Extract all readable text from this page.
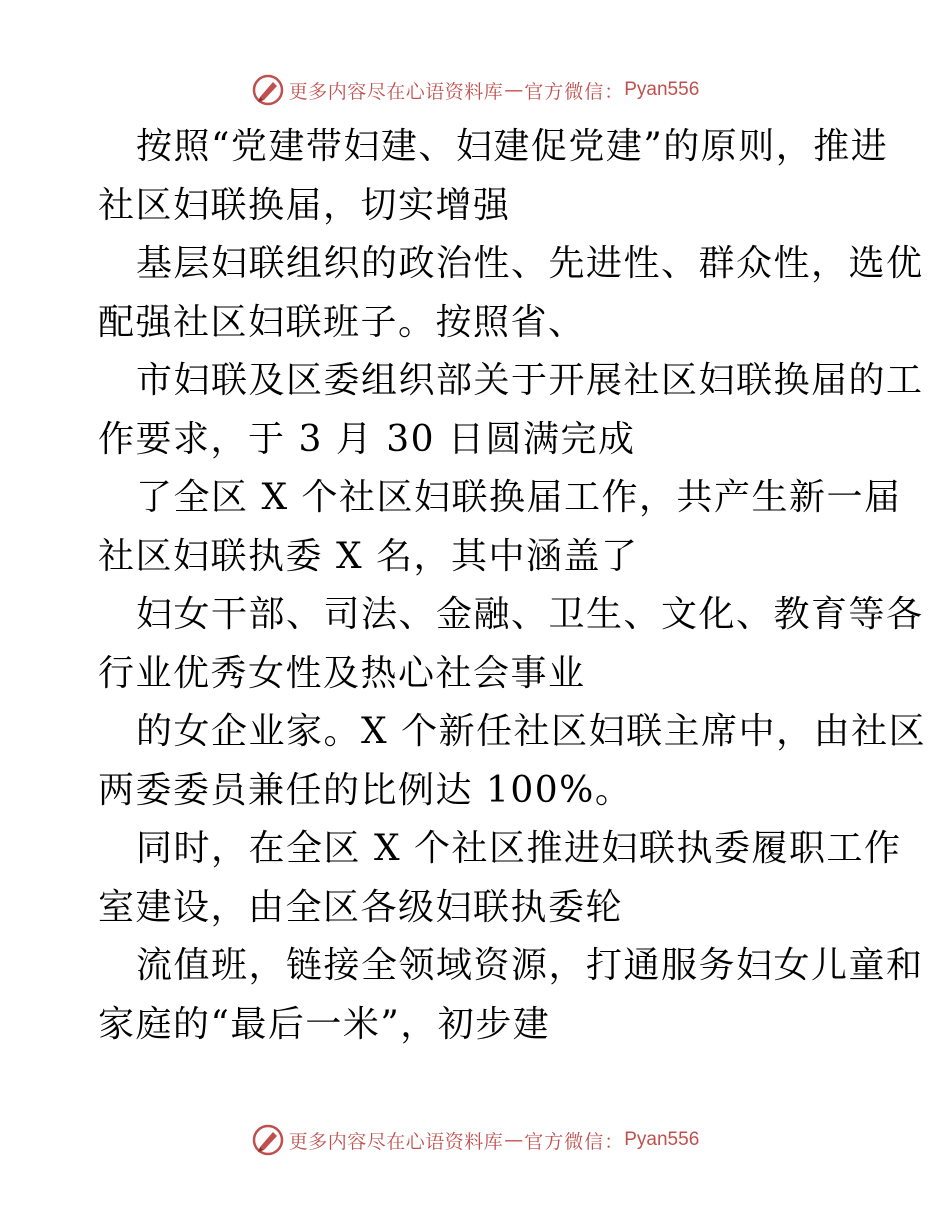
更多内容尽在心语资料库 — 官方微信： Pyan556
按照“党建带妇建、妇建促党建”的原则，推进
社区妇联换届，切实增强
基层妇联组织的政治性、先进性、群众性，选优
配强社区妇联班子。按照省、
市妇联及区委组织部关于开展社区妇联换届的工
作要求，于 3 月 30 日圆满完成
了全区 X 个社区妇联换届工作，共产生新一届
社区妇联执委 X 名，其中涵盖了
妇女干部、司法、金融、卫生、文化、教育等各
行业优秀女性及热心社会事业
的女企业家。X 个新任社区妇联主席中，由社区
两委委员兼任的比例达 100%。
同时，在全区 X 个社区推进妇联执委履职工作
室建设，由全区各级妇联执委轮
流值班，链接全领域资源，打通服务妇女儿童和
家庭的“最后一米”，初步建
更多内容尽在心语资料库 — 官方微信： Pyan556
